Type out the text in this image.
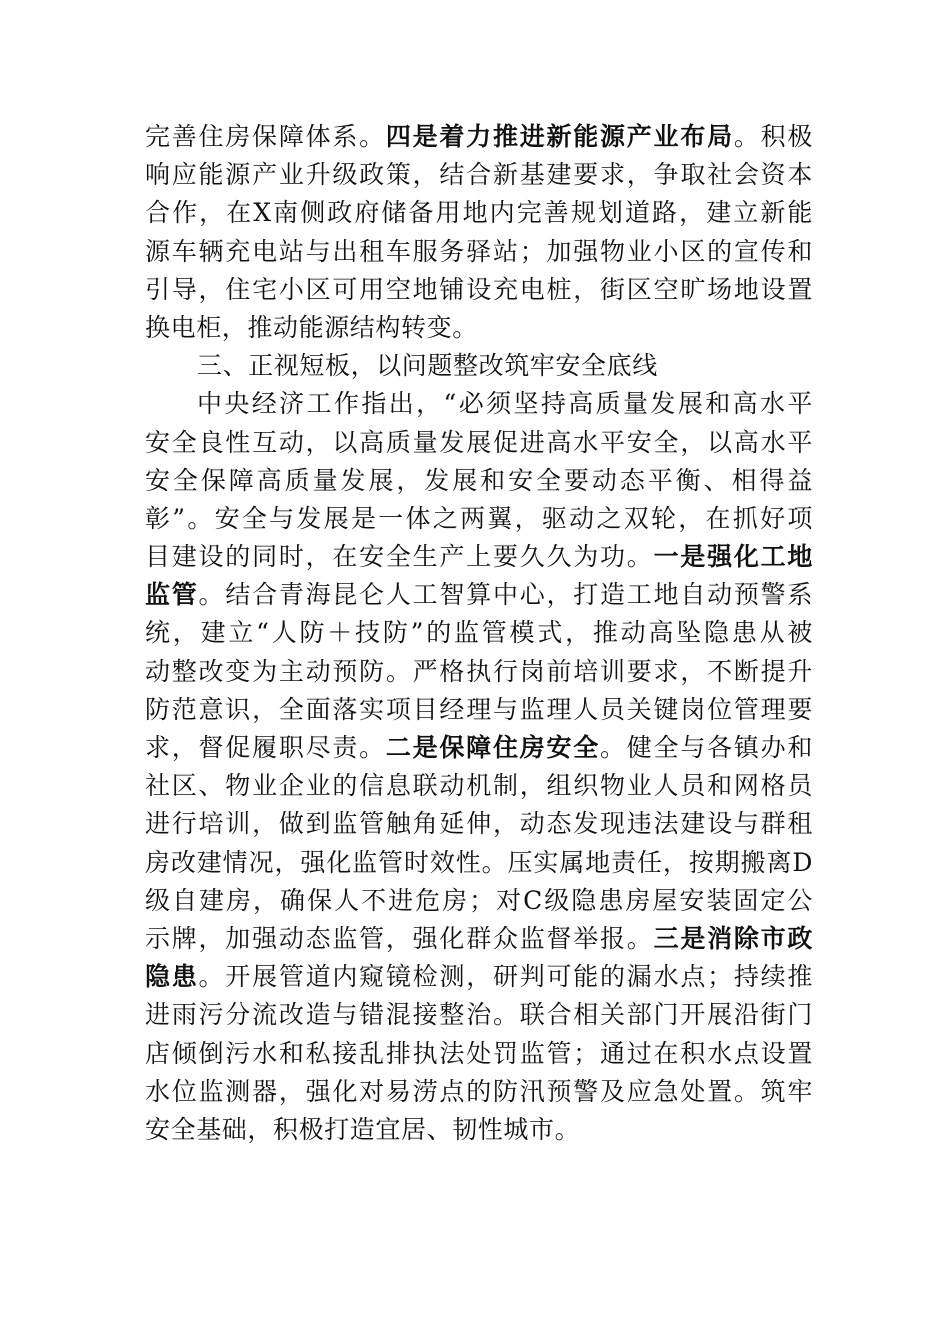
完善住房保障体系。四是着力推进新能源产业布局。积极
响应能源产业升级政策，结合新基建要求，争取社会资本
合作，在X南侧政府储备用地内完善规划道路，建立新能
源车辆充电站与出租车服务驿站；加强物业小区的宣传和
引导，住宅小区可用空地铺设充电桩，街区空旷场地设置
换电柜，推动能源结构转变。
三、正视短板，以问题整改筑牢安全底线
中央经济工作指出，“必须坚持高质量发展和高水平
安全良性互动，以高质量发展促进高水平安全，以高水平
安全保障高质量发展，发展和安全要动态平衡、相得益
彰”。安全与发展是一体之两翼，驱动之双轮，在抓好项
目建设的同时，在安全生产上要久久为功。一是强化工地
监管。结合青海昆仑人工智算中心，打造工地自动预警系
统，建立“人防＋技防”的监管模式，推动高坠隐患从被
动整改变为主动预防。严格执行岗前培训要求，不断提升
防范意识，全面落实项目经理与监理人员关键岗位管理要
求，督促履职尽责。二是保障住房安全。健全与各镇办和
社区、物业企业的信息联动机制，组织物业人员和网格员
进行培训，做到监管触角延伸，动态发现违法建设与群租
房改建情况，强化监管时效性。压实属地责任，按期搬离D
级自建房，确保人不进危房；对C级隐患房屋安装固定公
示牌，加强动态监管，强化群众监督举报。三是消除市政
隐患。开展管道内窥镜检测，研判可能的漏水点；持续推
进雨污分流改造与错混接整治。联合相关部门开展沿街门
店倾倒污水和私接乱排执法处罚监管；通过在积水点设置
水位监测器，强化对易涝点的防汛预警及应急处置。筑牢
安全基础，积极打造宜居、韧性城市。
